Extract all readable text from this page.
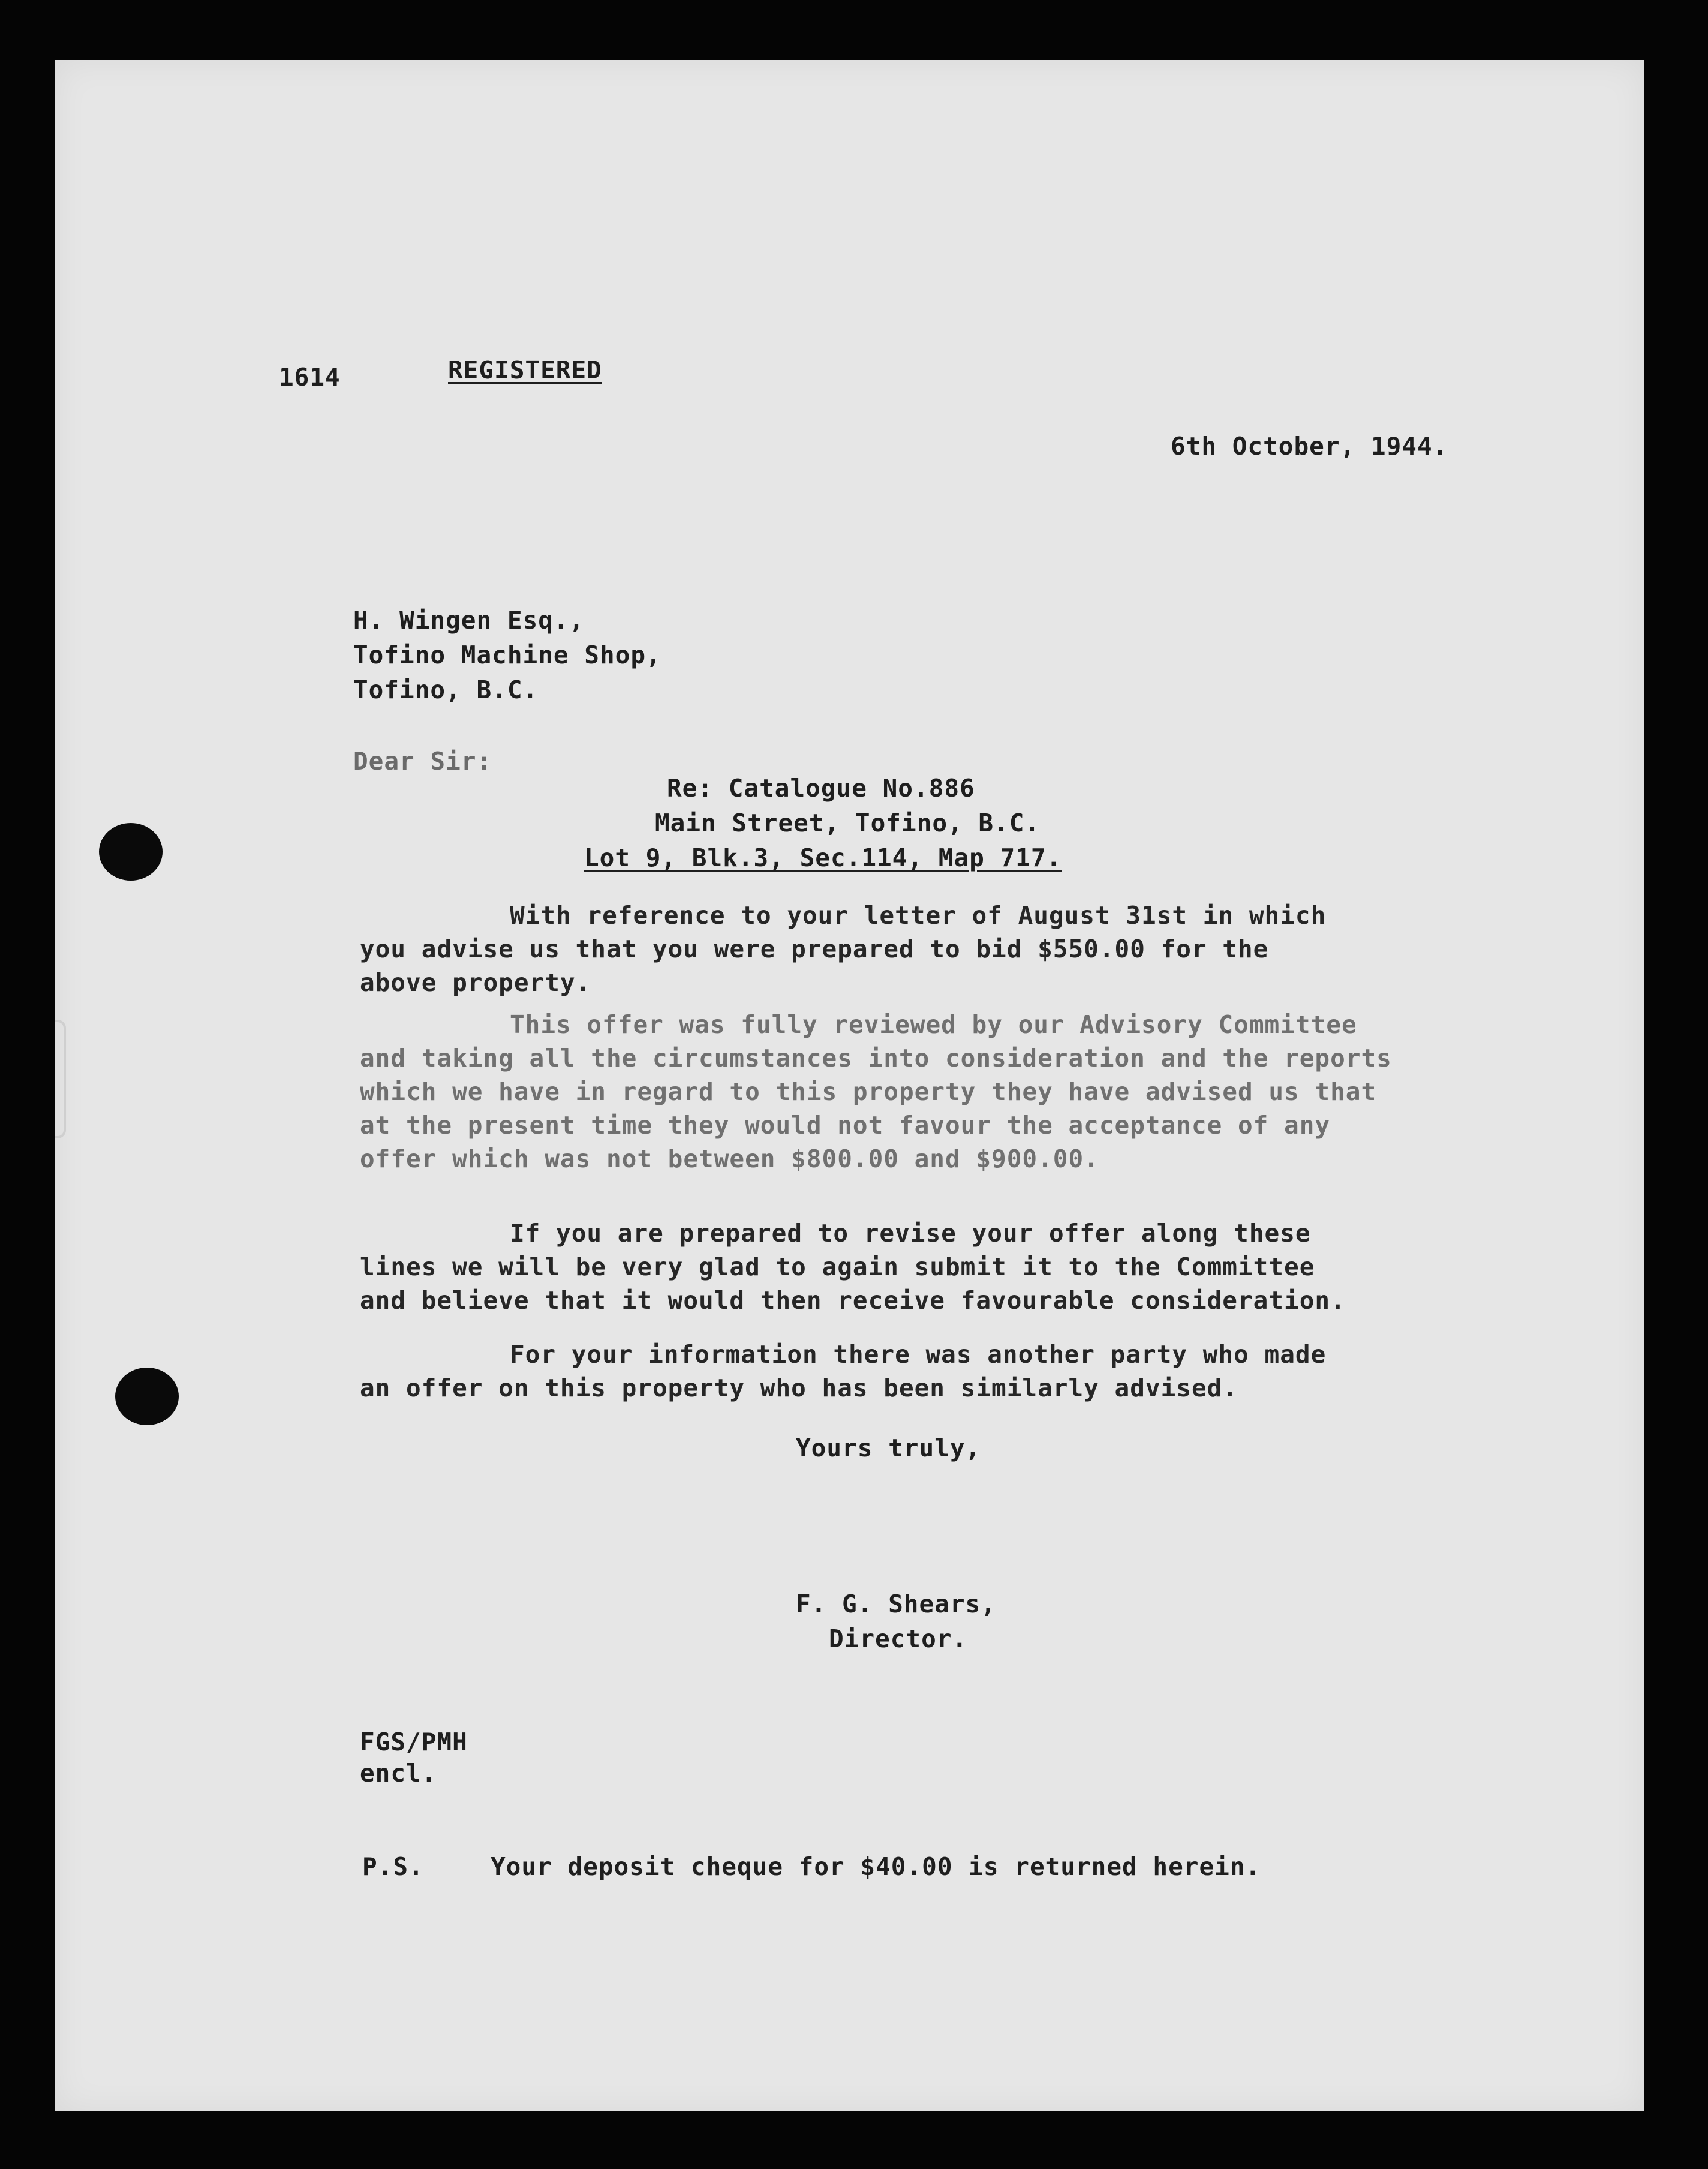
1614	REGISTERED

6th October, 1944.

H. Wingen Esq.,

Tofino Machine Shop,

Tofino, B.C.

Dear Sir:

Re: Catalogue No.886

Main Street, Tofino, B.C.

Lot 9, Blk.3, Sec.114, Map 717.

With reference to your letter of August 31st in which
you advise us that you were prepared to bid $550.00 for the
above property.
This offer was fully reviewed by our Advisory Committee
and taking all the circumstances into consideration and the reports
which we have in regard to this property they have advised us that
at the present time they would not favour the acceptance of any
offer which was not between $800.00 and $900.00.
If you are prepared to revise your offer along these
lines we will be very glad to again submit it to the Committee
and believe that it would then receive favourable consideration.
For your information there was another party who made
an offer on this property who has been similarly advised.

Yours truly,

F. G. Shears,

Director.

FGS/PMH

encl.

P.S.	Your deposit cheque for $40.00 is returned herein.
